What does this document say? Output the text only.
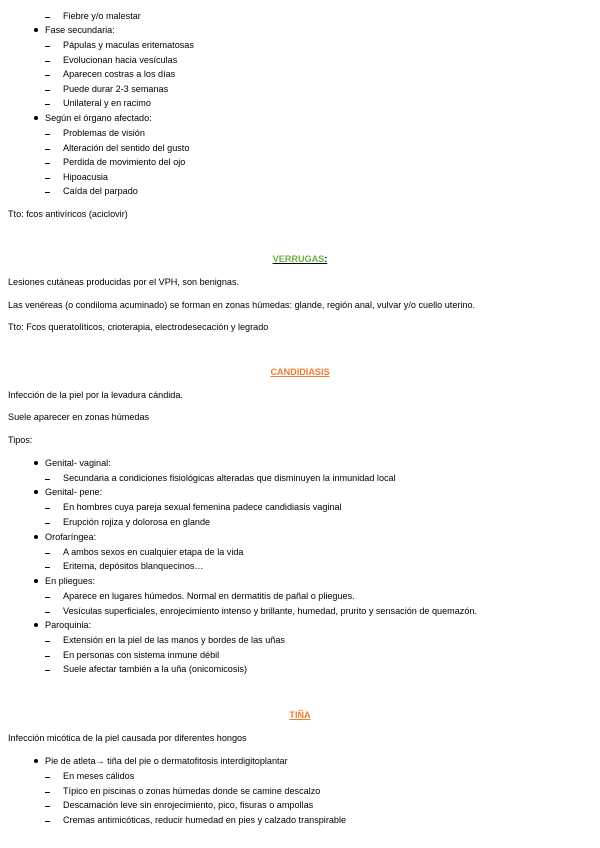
Fiebre y/o malestar
Fase secundaria:
Pápulas y maculas eritematosas
Evolucionan hacia vesículas
Aparecen costras a los días
Puede durar 2-3 semanas
Unilateral y en racimo
Según el órgano afectado:
Problemas de visión
Alteración del sentido del gusto
Perdida de movimiento del ojo
Hipoacusia
Caída del parpado
Tto: fcos antivíricos (aciclovir)
VERRUGAS:
Lesiones cutáneas producidas por el VPH, son benignas.
Las venéreas (o condiloma acuminado) se forman en zonas húmedas: glande, región anal, vulvar y/o cuello uterino.
Tto: Fcos queratolíticos, crioterapia, electrodesecación y legrado
CANDIDIASIS
Infección de la piel por la levadura cándida.
Suele aparecer en zonas húmedas
Tipos:
Genital- vaginal:
Secundaria a condiciones fisiológicas alteradas que disminuyen la inmunidad local
Genital- pene:
En hombres cuya pareja sexual femenina padece candidiasis vaginal
Erupción rojiza y dolorosa en glande
Orofaríngea:
A ambos sexos en cualquier etapa de la vida
Eritema, depósitos blanquecinos…
En pliegues:
Aparece en lugares húmedos. Normal en dermatitis de pañal o pliegues.
Vesículas superficiales, enrojecimiento intenso y brillante, humedad, prurito y sensación de quemazón.
Paroquinia:
Extensión en la piel de las manos y bordes de las uñas
En personas con sistema inmune débil
Suele afectar también a la uña (onicomicosis)
TIÑA
Infección micótica de la piel causada por diferentes hongos
Pie de atleta→ tiña del pie o dermatofitosis interdigitoplantar
En meses cálidos
Típico en piscinas o zonas húmedas donde se camine descalzo
Descamación leve sin enrojecimiento, pico, fisuras o ampollas
Cremas antimicóticas, reducir humedad en pies y calzado transpirable
